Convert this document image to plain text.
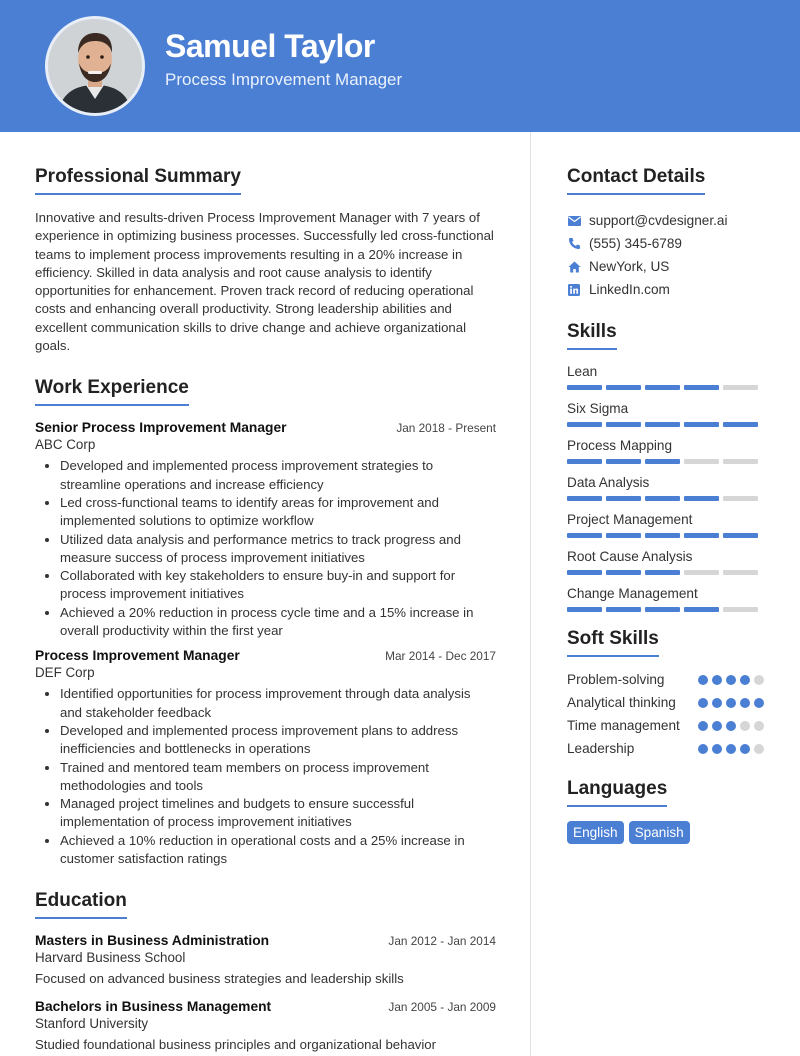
Samuel Taylor
Process Improvement Manager
Professional Summary

Innovative and results-driven Process Improvement Manager with 7 years of experience in optimizing business processes. Successfully led cross-functional teams to implement process improvements resulting in a 20% increase in efficiency. Skilled in data analysis and root cause analysis to identify opportunities for enhancement. Proven track record of reducing operational costs and enhancing overall productivity. Strong leadership abilities and excellent communication skills to drive change and achieve organizational goals.

Work Experience
Senior Process Improvement Manager	Jan 2018 - Present
ABC Corp
• Developed and implemented process improvement strategies to streamline operations and increase efficiency
• Led cross-functional teams to identify areas for improvement and implemented solutions to optimize workflow
• Utilized data analysis and performance metrics to track progress and measure success of process improvement initiatives
• Collaborated with key stakeholders to ensure buy-in and support for process improvement initiatives
• Achieved a 20% reduction in process cycle time and a 15% increase in overall productivity within the first year
Process Improvement Manager	Mar 2014 - Dec 2017
DEF Corp
• Identified opportunities for process improvement through data analysis and stakeholder feedback
• Developed and implemented process improvement plans to address inefficiencies and bottlenecks in operations
• Trained and mentored team members on process improvement methodologies and tools
• Managed project timelines and budgets to ensure successful implementation of process improvement initiatives
• Achieved a 10% reduction in operational costs and a 25% increase in customer satisfaction ratings
Education
Masters in Business Administration	Jan 2012 - Jan 2014
Harvard Business School

Focused on advanced business strategies and leadership skills

Bachelors in Business Management	Jan 2005 - Jan 2009
Stanford University

Studied foundational business principles and organizational behavior

Contact Details
support@cvdesigner.ai
(555) 345-6789
NewYork, US
LinkedIn.com
Skills
Lean
Six Sigma
Process Mapping
Data Analysis
Project Management
Root Cause Analysis
Change Management
Soft Skills
Problem-solving
Analytical thinking
Time management
Leadership
Languages
English	Spanish
